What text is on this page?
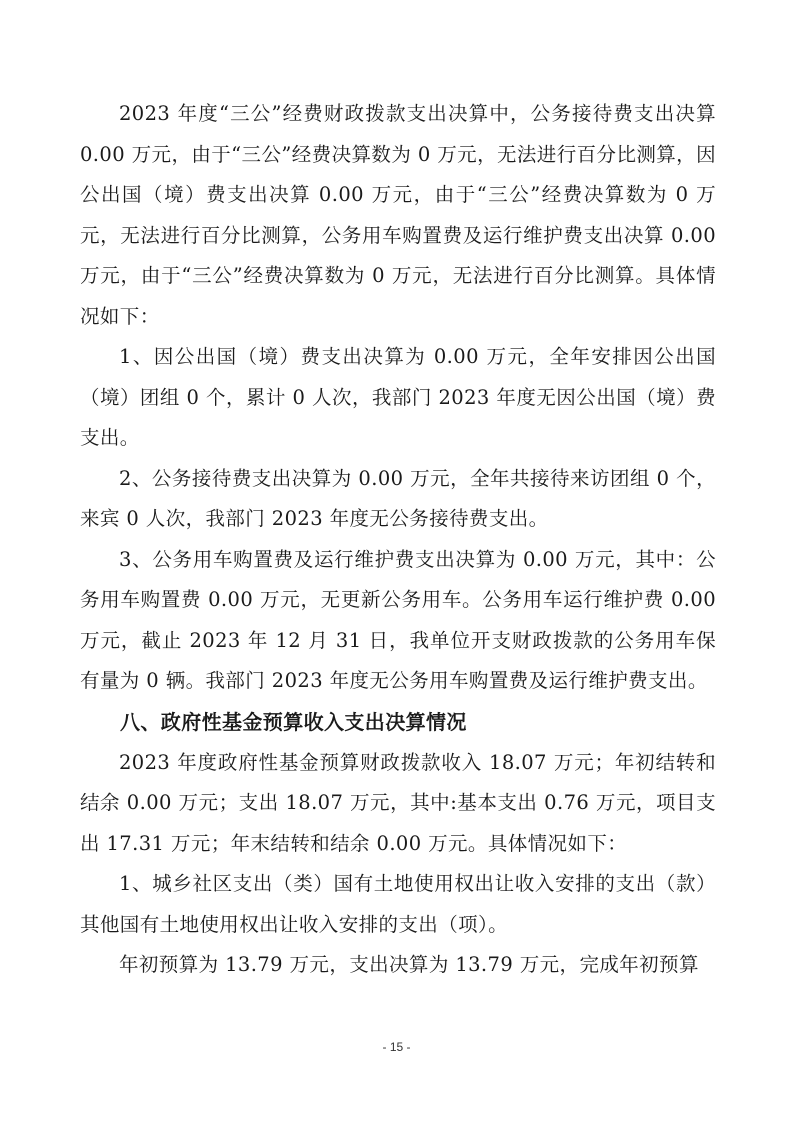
2023 年度“三公”经费财政拨款支出决算中，公务接待费支出决算 0.00 万元，由于“三公”经费决算数为 0 万元，无法进行百分比测算，因公出国（境）费支出决算 0.00 万元，由于“三公”经费决算数为 0 万元，无法进行百分比测算，公务用车购置费及运行维护费支出决算 0.00 万元，由于“三公”经费决算数为 0 万元，无法进行百分比测算。具体情况如下：

1、因公出国（境）费支出决算为 0.00 万元，全年安排因公出国（境）团组 0 个，累计 0 人次，我部门 2023 年度无因公出国（境）费支出。

2、公务接待费支出决算为 0.00 万元，全年共接待来访团组 0 个，来宾 0 人次，我部门 2023 年度无公务接待费支出。

3、公务用车购置费及运行维护费支出决算为 0.00 万元，其中：公务用车购置费 0.00 万元，无更新公务用车。公务用车运行维护费 0.00 万元，截止 2023 年 12 月 31 日，我单位开支财政拨款的公务用车保有量为 0 辆。我部门 2023 年度无公务用车购置费及运行维护费支出。

八、政府性基金预算收入支出决算情况

2023 年度政府性基金预算财政拨款收入 18.07 万元；年初结转和结余 0.00 万元；支出 18.07 万元，其中:基本支出 0.76 万元，项目支出 17.31 万元；年末结转和结余 0.00 万元。具体情况如下：

1、城乡社区支出（类）国有土地使用权出让收入安排的支出（款）其他国有土地使用权出让收入安排的支出（项）。

年初预算为 13.79 万元，支出决算为 13.79 万元，完成年初预算

- 15 -
